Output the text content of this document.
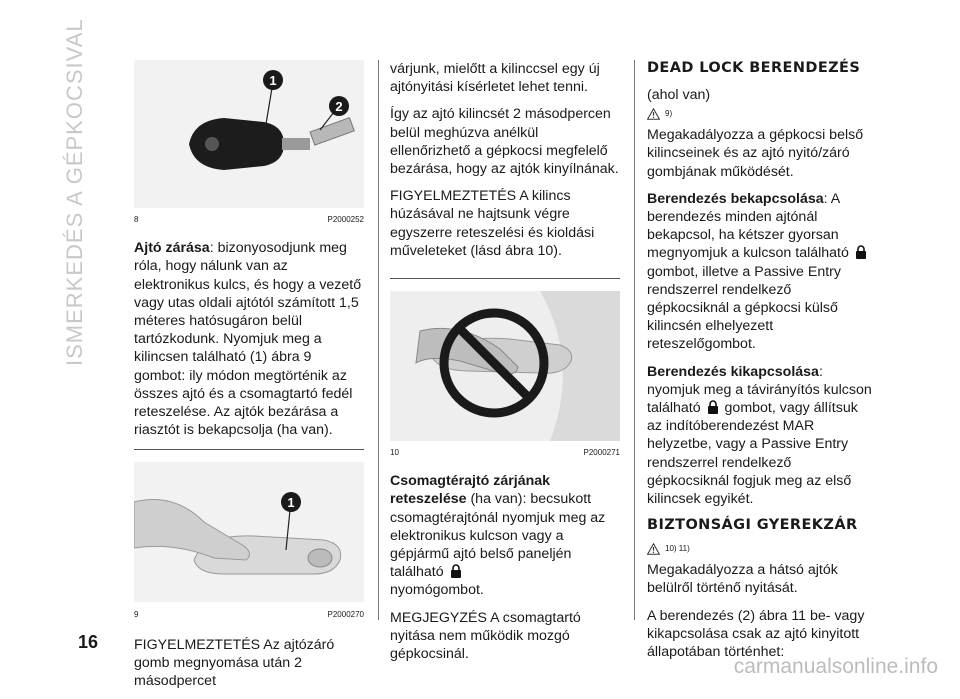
ISMERKEDÉS A GÉPKOCSIVAL	1
2
8	P2000252

Ajtó zárása: bizonyosodjunk meg róla, hogy nálunk van az elektronikus kulcs, és hogy a vezető vagy utas oldali ajtótól számított 1,5 méteres hatósugáron belül tartózkodunk. Nyomjuk meg a kilincsen található (1) ábra 9 gombot: ily módon megtörténik az összes ajtó és a csomagtartó fedél reteszelése. Az ajtók bezárása a riasztót is bekapcsolja (ha van).

1
9	P2000270

FIGYELMEZTETÉS Az ajtózáró gomb megnyomása után 2 másodpercet

várjunk, mielőtt a kilinccsel egy új ajtónyitási kísérletet lehet tenni.

Így az ajtó kilincsét 2 másodpercen belül meghúzva anélkül ellenőrizhető a gépkocsi megfelelő bezárása, hogy az ajtók kinyílnának.

FIGYELMEZTETÉS A kilincs húzásával ne hajtsunk végre egyszerre reteszelési és kioldási műveleteket (lásd ábra 10).

10	P2000271

Csomagtérajtó zárjának reteszelése (ha van): becsukott csomagtérajtónál nyomjuk meg az elektronikus kulcson vagy a gépjármű ajtó belső paneljén található
nyomógombot.

MEGJEGYZÉS A csomagtartó nyitása nem működik mozgó gépkocsinál.

DEAD LOCK BERENDEZÉS

(ahol van)

9)

Megakadályozza a gépkocsi belső kilincseinek és az ajtó nyitó/záró gombjának működését.

Berendezés bekapcsolása: A berendezés minden ajtónál bekapcsol, ha kétszer gyorsan megnyomjuk a kulcson található  gombot, illetve a Passive Entry rendszerrel rendelkező gépkocsiknál a gépkocsi külső kilincsén elhelyezett reteszelőgombot.

Berendezés kikapcsolása:
nyomjuk meg a távirányítós kulcson található gombot, vagy állítsuk az indítóberendezést MAR helyzetbe, vagy a Passive Entry rendszerrel rendelkező gépkocsiknál fogjuk meg az első kilincsek egyikét.

BIZTONSÁGI GYEREKZÁR

10) 11)

Megakadályozza a hátsó ajtók belülről történő nyitását.

A berendezés (2) ábra 11 be- vagy kikapcsolása csak az ajtó kinyitott állapotában történhet:

16
carmanualsonline.info
